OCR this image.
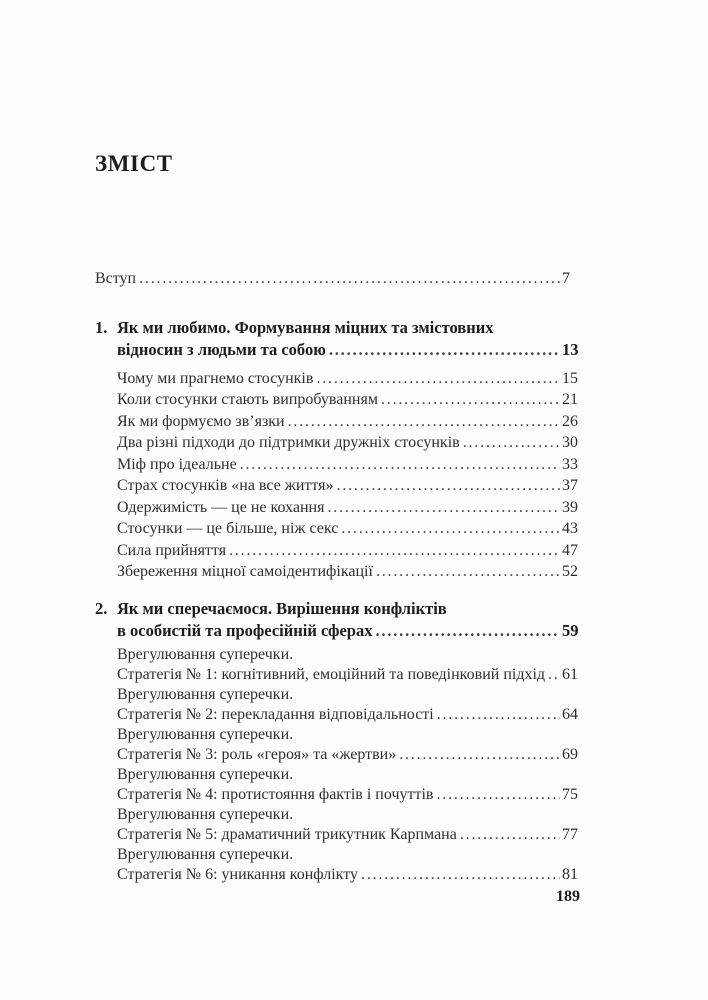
ЗМІСТ
Вступ .....	7
1. Як ми любимо. Формування міцних та змістовних
відносин з людьми та собою .....	13
Чому ми прагнемо стосунків .....	15
Коли стосунки стають випробуванням .....	21
Як ми формуємо зв’язки .....	26
Два різні підходи до підтримки дружніх стосунків .....	30
Міф про ідеальне .....	33
Страх стосунків «на все життя» .....	37
Одержимість — це не кохання .....	39
Стосунки — це більше, ніж секс .....	43
Сила прийняття .....	47
Збереження міцної самоідентифікації .....	52
2. Як ми сперечаємося. Вирішення конфліктів
в особистій та професійній сферах .....	59
Врегулювання суперечки.
Стратегія № 1: когнітивний, емоційний та поведінковий підхід ..... 61
Врегулювання суперечки.
Стратегія № 2: перекладання відповідальності .....	64
Врегулювання суперечки.
Стратегія № 3: роль «героя» та «жертви» .....	69
Врегулювання суперечки.
Стратегія № 4: протистояння фактів і почуттів .....	75
Врегулювання суперечки.
Стратегія № 5: драматичний трикутник Карпмана .....	77
Врегулювання суперечки.
Стратегія № 6: уникання конфлікту .....	81
189
